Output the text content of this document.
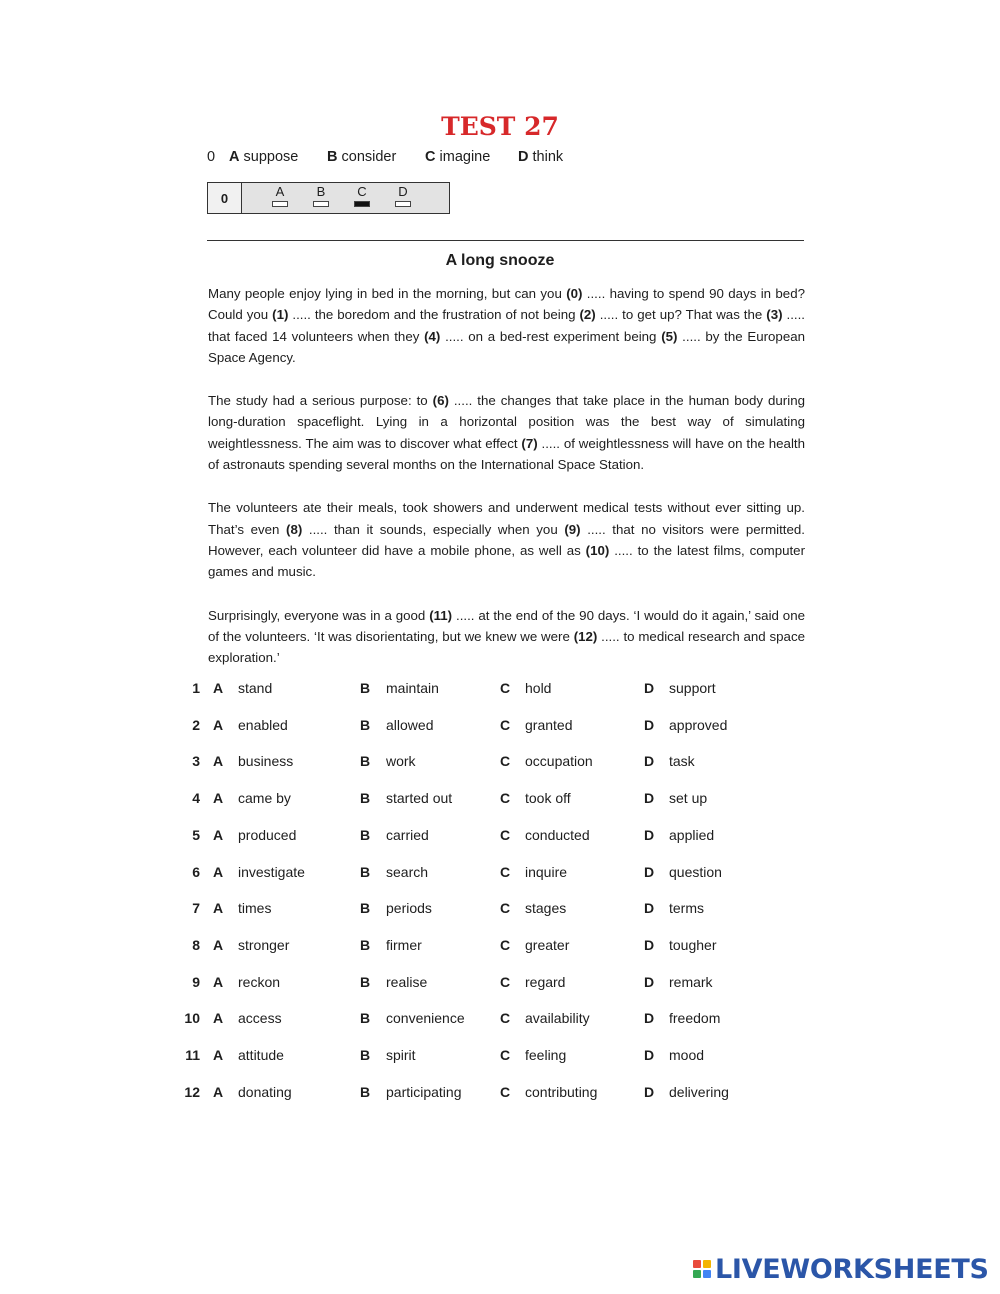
TEST 27
0 A suppose B consider C imagine D think
0	A	B	C	D
A long snooze

Many people enjoy lying in bed in the morning, but can you (0) ..... having to spend 90 days in bed? Could you (1) ..... the boredom and the frustration of not being (2) ..... to get up? That was the (3) ..... that faced 14 volunteers when they (4) ..... on a bed-rest experiment being (5) ..... by the European Space Agency.

The study had a serious purpose: to (6) ..... the changes that take place in the human body during long-duration spaceflight. Lying in a horizontal position was the best way of simulating weightlessness. The aim was to discover what effect (7) ..... of weightlessness will have on the health of astronauts spending several months on the International Space Station.

The volunteers ate their meals, took showers and underwent medical tests without ever sitting up. That’s even (8) ..... than it sounds, especially when you (9) ..... that no visitors were permitted. However, each volunteer did have a mobile phone, as well as (10) ..... to the latest films, computer games and music.

Surprisingly, everyone was in a good (11) ..... at the end of the 90 days. ‘I would do it again,’ said one of the volunteers. ‘It was disorientating, but we knew we were (12) ..... to medical research and space exploration.’

1 A stand	B maintain	C hold	D support
2 A enabled	B allowed	C granted	D approved
3 A business	B work	C occupation	D task
4 A came by	B started out	C took off	D set up
5 A produced	B carried	C conducted	D applied
6 A investigate	B search	C inquire	D question
7 A times	B periods	C stages	D terms
8 A stronger	B firmer	C greater	D tougher
9 A reckon	B realise	C regard	D remark
10 A access	B convenience	C availability	D freedom
11 A attitude	B spirit	C feeling	D mood
12 A donating	B participating	C contributing	D delivering
LIVEWORKSHEETS
